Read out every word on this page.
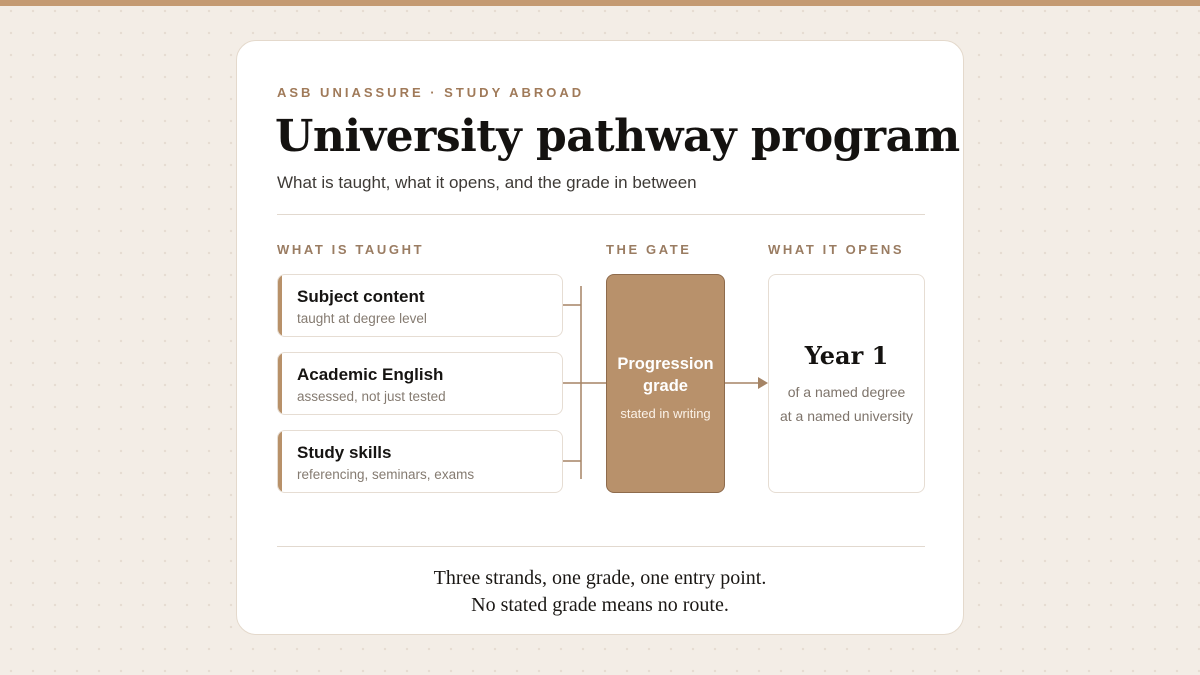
ASB UNIASSURE · STUDY ABROAD
University pathway program
What is taught, what it opens, and the grade in between
WHAT IS TAUGHT	THE GATE	WHAT IT OPENS
Subject content
taught at degree level
Academic English
assessed, not just tested
Study skills
referencing, seminars, exams
Progression
grade
stated in writing
Year 1
of a named degree
at a named university
Three strands, one grade, one entry point.
No stated grade means no route.
